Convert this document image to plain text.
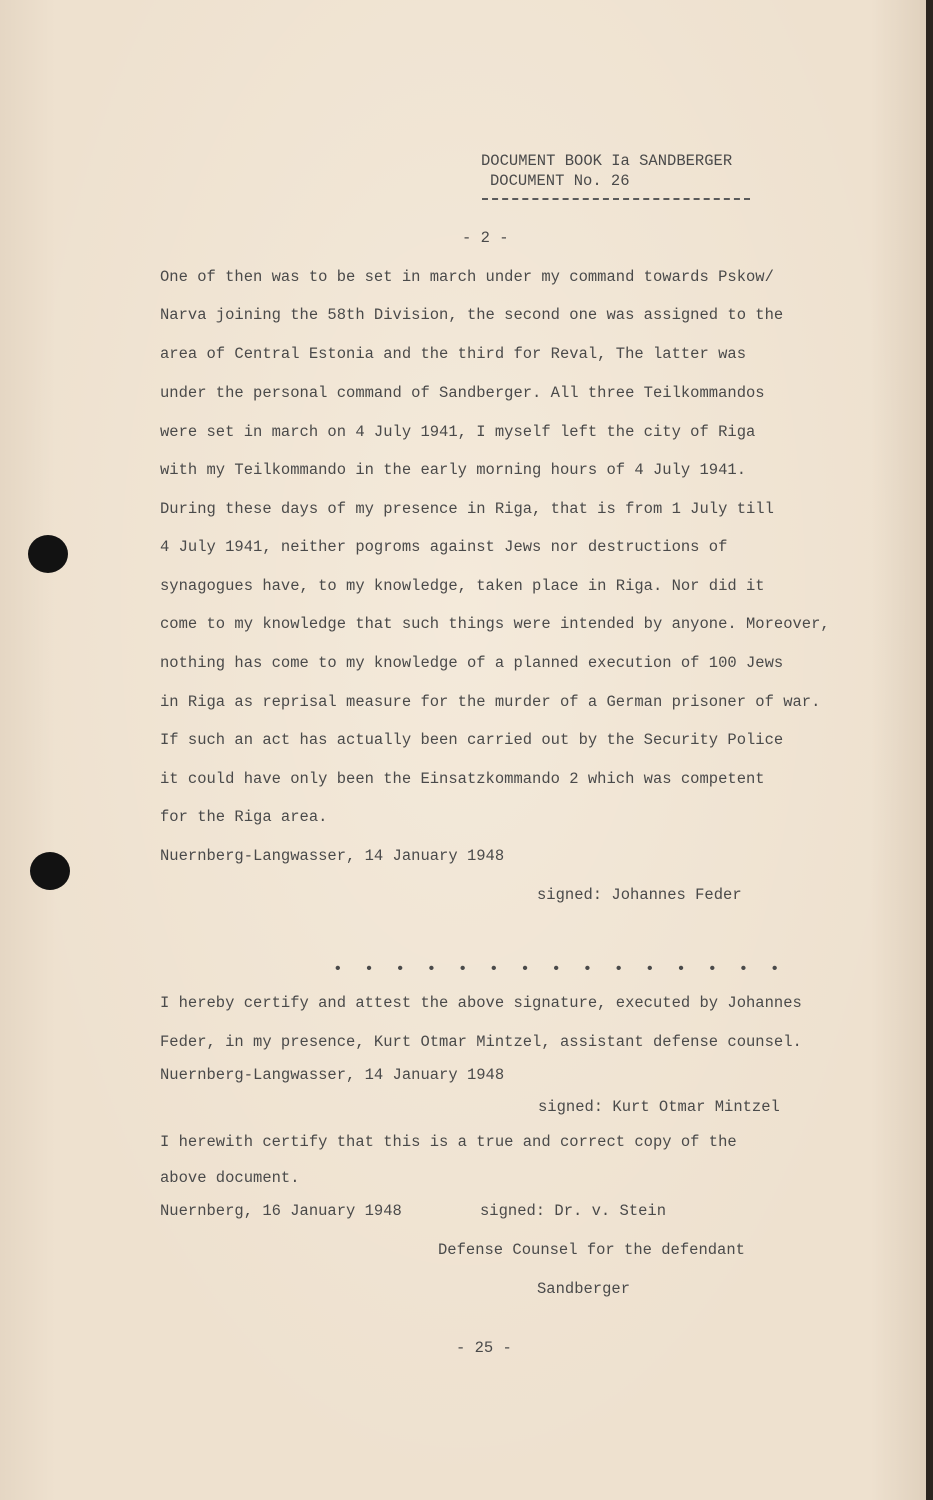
DOCUMENT BOOK Ia SANDBERGER
DOCUMENT No. 26
- 2 -
One of then was to be set in march under my command towards Pskow/
Narva joining the 58th Division, the second one was assigned to the
area of Central Estonia and the third for Reval, The latter was
under the personal command of Sandberger. All three Teilkommandos
were set in march on 4 July 1941, I myself left the city of Riga
with my Teilkommando in the early morning hours of 4 July 1941.
During these days of my presence in Riga, that is from 1 July till
4 July 1941, neither pogroms against Jews nor destructions of
synagogues have, to my knowledge, taken place in Riga. Nor did it
come to my knowledge that such things were intended by anyone. Moreover,
nothing has come to my knowledge of a planned execution of 100 Jews
in Riga as reprisal measure for the murder of a German prisoner of war.
If such an act has actually been carried out by the Security Police
it could have only been the Einsatzkommando 2 which was competent
for the Riga area.
Nuernberg-Langwasser, 14 January 1948
signed: Johannes Feder
• • • • • • • • • • • • • • •
I hereby certify and attest the above signature, executed by Johannes
Feder, in my presence, Kurt Otmar Mintzel, assistant defense counsel.
Nuernberg-Langwasser, 14 January 1948
signed: Kurt Otmar Mintzel
I herewith certify that this is a true and correct copy of the
above document.
Nuernberg, 16 January 1948	signed: Dr. v. Stein
Defense Counsel for the defendant
Sandberger
- 25 -
